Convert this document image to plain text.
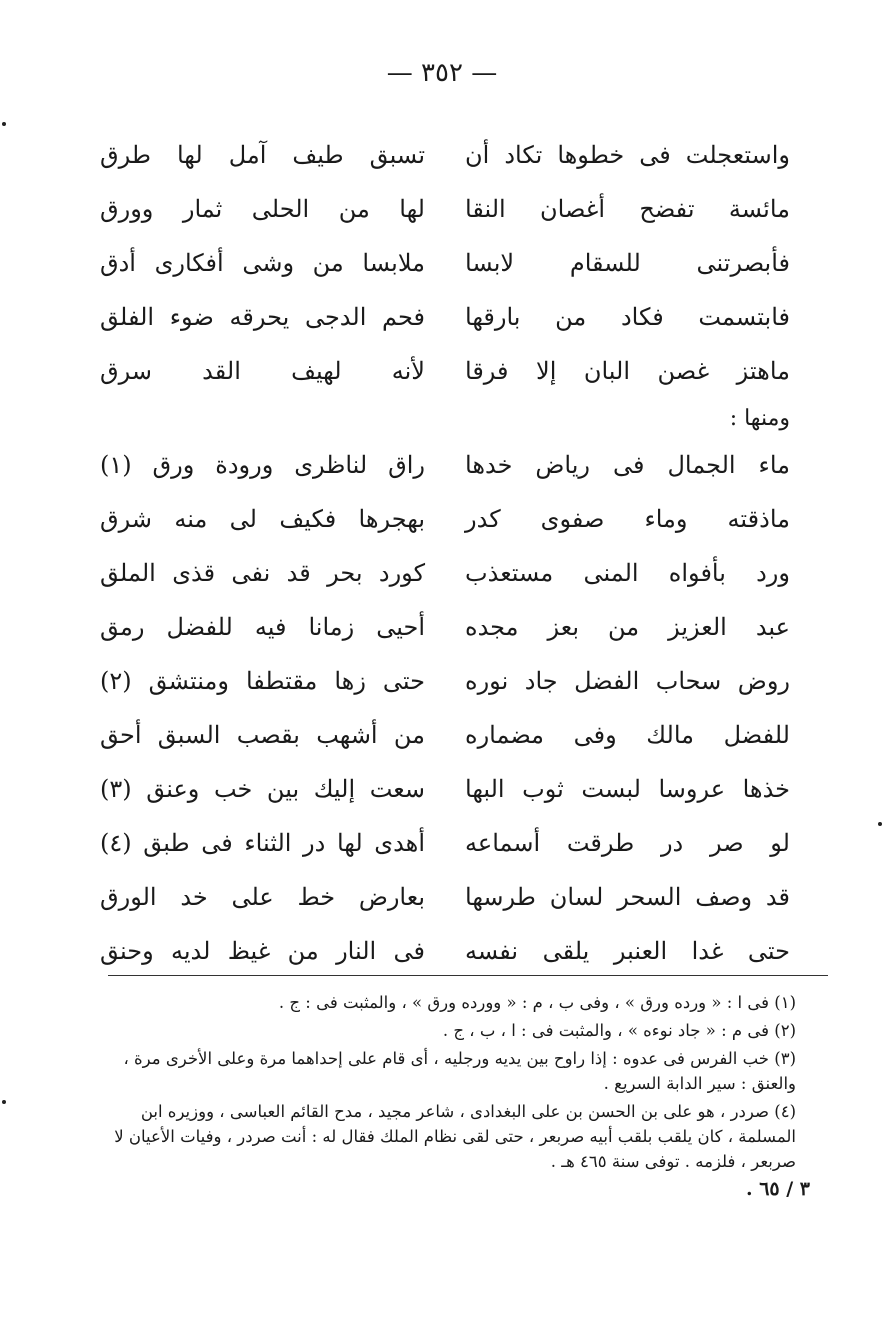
— ٣٥٢ —
واستعجلت فى خطوها تكاد أن
تسبق طيف آمل لها طرق
مائسة تفضح أغصان النقا
لها من الحلى ثمار وورق
فأبصرتنى للسقام لابسا
ملابسا من وشى أفكارى أدق
فابتسمت فكاد من بارقها
فحم الدجى يحرقه ضوء الفلق
ماهتز غصن البان إلا فرقا
لأنه لهيف القد سرق
ومنها :
ماء الجمال فى رياض خدها
راق لناظرى ورودة ورق (١)
ماذقته وماء صفوى كدر
بهجرها فكيف لى منه شرق
ورد بأفواه المنى مستعذب
كورد بحر قد نفى قذى الملق
عبد العزيز من بعز مجده
أحيى زمانا فيه للفضل رمق
روض سحاب الفضل جاد نوره
حتى زها مقتطفا ومنتشق (٢)
للفضل مالك وفى مضماره
من أشهب بقصب السبق أحق
خذها عروسا لبست ثوب البها
سعت إليك بين خب وعنق (٣)
لو صر در طرقت أسماعه
أهدى لها در الثناء فى طبق (٤)
قد وصف السحر لسان طرسها
بعارض خط على خد الورق
حتى غدا العنبر يلقى نفسه
فى النار من غيظ لديه وحنق

(١) فى ا : « ورده ورق » ، وفى ب ، م : « وورده ورق » ، والمثبت فى : ج .

(٢) فى م : « جاد نوءه » ، والمثبت فى : ا ، ب ، ج .

(٣) خب الفرس فى عدوه : إذا راوح بين يديه ورجليه ، أى قام على إحداهما مرة وعلى الأخرى مرة ، والعنق : سير الدابة السريع .

(٤) صردر ، هو على بن الحسن بن على البغدادى ، شاعر مجيد ، مدح القائم العباسى ، ووزيره ابن المسلمة ، كان يلقب بلقب أبيه صربعر ، حتى لقى نظام الملك فقال له : أنت صردر ، وفيات الأعيان لا صربعر ، فلزمه . توفى سنة ٤٦٥ هـ .

٣ / ٦٥ .
